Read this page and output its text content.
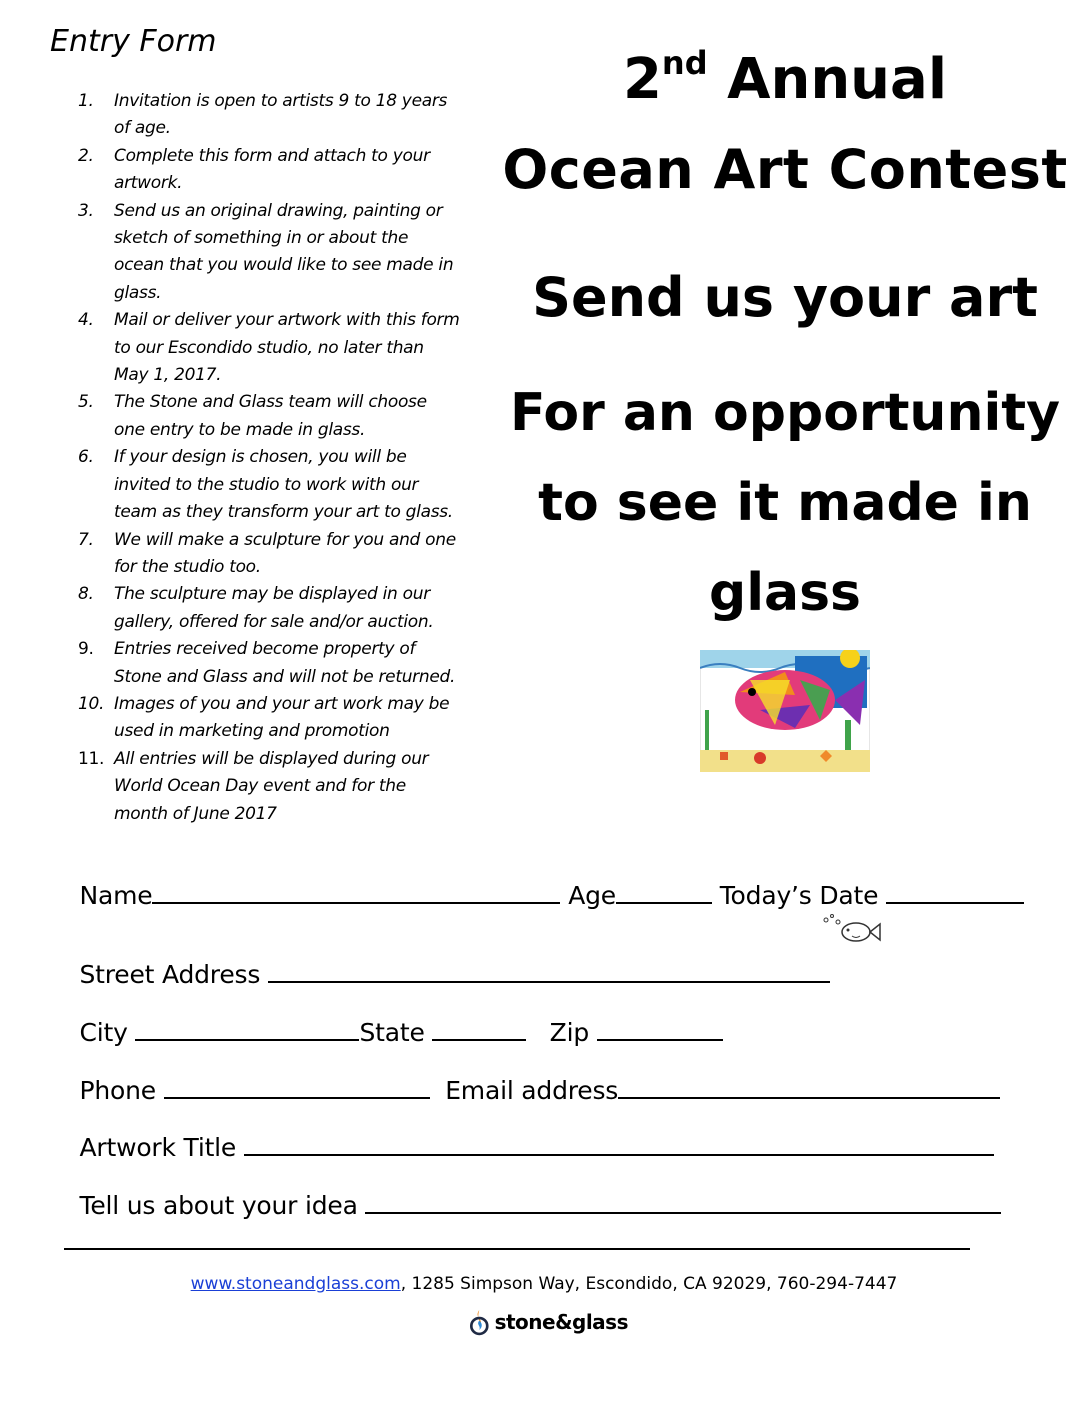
Entry Form
1.	Invitation is open to artists 9 to 18 years of age.
2.	Complete this form and attach to your artwork.
3.	Send us an original drawing, painting or sketch of something in or about the ocean that you would like to see made in glass.
4.	Mail or deliver your artwork with this form to our Escondido studio, no later than May 1, 2017.
5.	The Stone and Glass team will choose one entry to be made in glass.
6.	If your design is chosen, you will be invited to the studio to work with our team as they transform your art to glass.
7.	We will make a sculpture for you and one for the studio too.
8.	The sculpture may be displayed in our gallery, offered for sale and/or auction.
9.	Entries received become property of Stone and Glass and will not be returned.
10. Images of you and your art work may be used in marketing and promotion
11. All entries will be displayed during our World Ocean Day event and for the month of June 2017
2nd Annual
Ocean Art Contest
Send us your art
For an opportunity
to see it made in
glass

Name	Age	Today’s Date

Street Address

City	State	Zip

Phone	Email address

Artwork Title

Tell us about your idea

www.stoneandglass.com, 1285 Simpson Way, Escondido, CA 92029, 760-294-7447
stone&glass
